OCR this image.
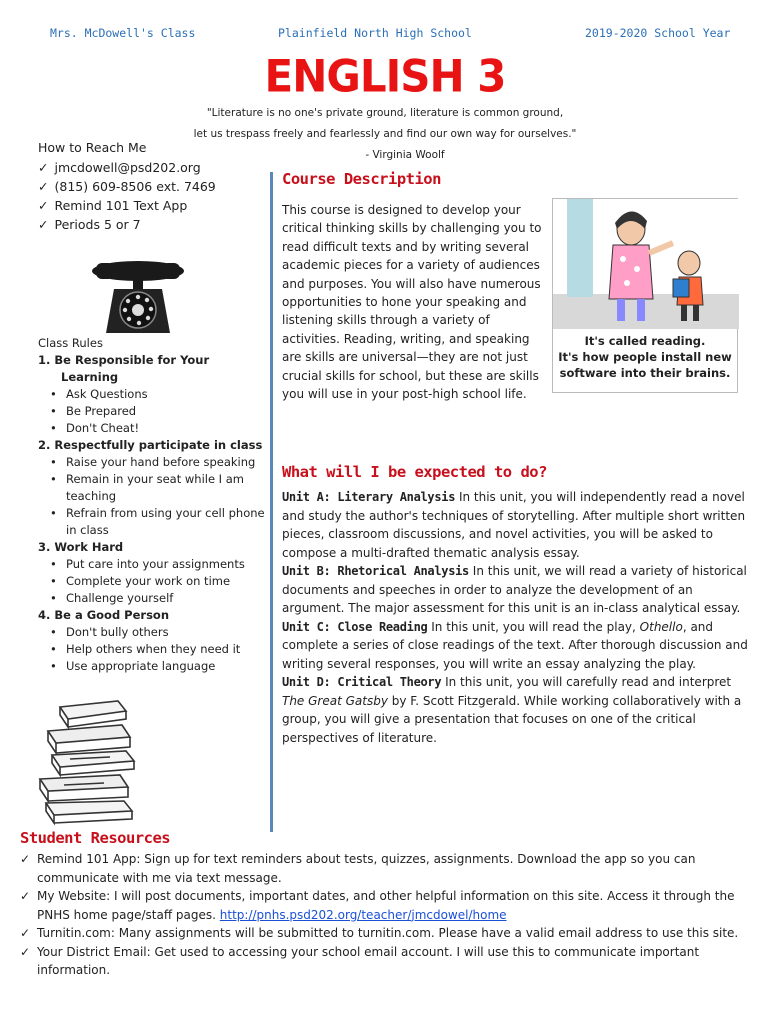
Mrs. McDowell's Class	Plainfield North High School	2019-2020 School Year
ENGLISH 3
"Literature is no one's private ground, literature is common ground,
let us trespass freely and fearlessly and find our own way for ourselves."

- Virginia Woolf
How to Reach Me
✓ jmcdowell@psd202.org
✓ (815) 609-8506 ext. 7469
✓ Remind 101 Text App
✓ Periods 5 or 7
Class Rules
1. Be Responsible for Your Learning
• Ask Questions
• Be Prepared
• Don't Cheat!
2. Respectfully participate in class
• Raise your hand before speaking
• Remain in your seat while I am teaching
• Refrain from using your cell phone in class
3. Work Hard
• Put care into your assignments
• Complete your work on time
• Challenge yourself
4. Be a Good Person
• Don't bully others
• Help others when they need it
• Use appropriate language
Course Description
This course is designed to develop your critical thinking skills by challenging you to read difficult texts and by writing several academic pieces for a variety of audiences and purposes. You will also have numerous opportunities to hone your speaking and listening skills through a variety of activities. Reading, writing, and speaking are skills are universal—they are not just crucial skills for school, but these are skills you will use in your post-high school life.
It's called reading.
It's how people install new
software into their brains.
What will I be expected to do?

Unit A: Literary Analysis In this unit, you will independently read a novel and study the author's techniques of storytelling. After multiple short written pieces, classroom discussions, and novel activities, you will be asked to compose a multi-drafted thematic analysis essay.

Unit B: Rhetorical Analysis In this unit, we will read a variety of historical documents and speeches in order to analyze the development of an argument. The major assessment for this unit is an in-class analytical essay.

Unit C: Close Reading In this unit, you will read the play, Othello, and complete a series of close readings of the text. After thorough discussion and writing several responses, you will write an essay analyzing the play.

Unit D: Critical Theory In this unit, you will carefully read and interpret The Great Gatsby by F. Scott Fitzgerald. While working collaboratively with a group, you will give a presentation that focuses on one of the critical perspectives of literature.

Student Resources
✓ Remind 101 App: Sign up for text reminders about tests, quizzes, assignments. Download the app so you can communicate with me via text message.
✓ My Website: I will post documents, important dates, and other helpful information on this site. Access it through the PNHS home page/staff pages. http://pnhs.psd202.org/teacher/jmcdowel/home
✓ Turnitin.com: Many assignments will be submitted to turnitin.com. Please have a valid email address to use this site.
✓ Your District Email: Get used to accessing your school email account. I will use this to communicate important information.
